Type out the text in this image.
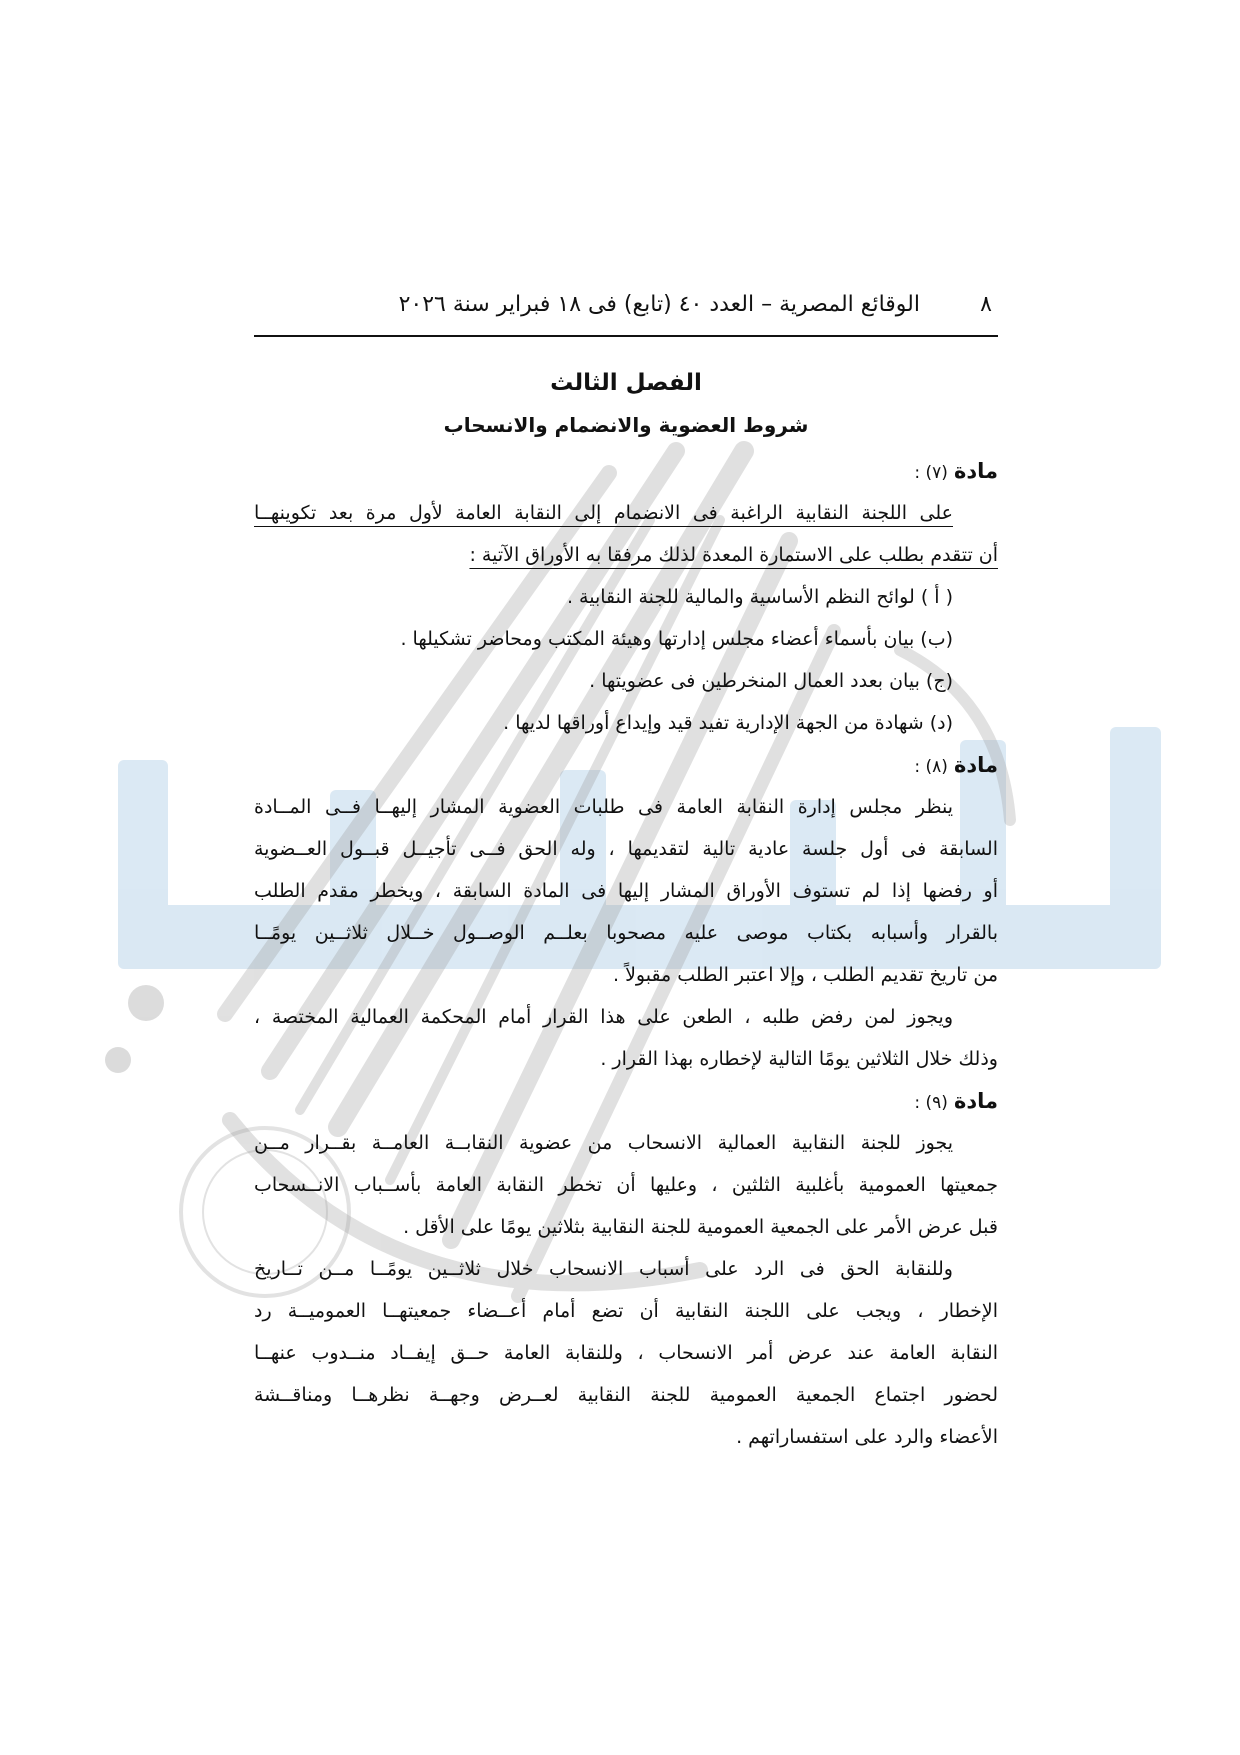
٨
الوقائع المصرية – العدد ٤٠ (تابع) فى ١٨ فبراير سنة ٢٠٢٦
الفصل الثالث
شروط العضوية والانضمام والانسحاب
مادة (٧) :
على اللجنة النقابية الراغبة فى الانضمام إلى النقابة العامة لأول مرة بعد تكوينهــا
أن تتقدم بطلب على الاستمارة المعدة لذلك مرفقا به الأوراق الآتية :
( أ ) لوائح النظم الأساسية والمالية للجنة النقابية .
(ب) بيان بأسماء أعضاء مجلس إدارتها وهيئة المكتب ومحاضر تشكيلها .
(ج) بيان بعدد العمال المنخرطين فى عضويتها .
(د) شهادة من الجهة الإدارية تفيد قيد وإيداع أوراقها لديها .
مادة (٨) :
ينظر مجلس إدارة النقابة العامة فى طلبات العضوية المشار إليهــا فــى المــادة
السابقة فى أول جلسة عادية تالية لتقديمها ، وله الحق فــى تأجيــل قبــول العــضوية
أو رفضها إذا لم تستوف الأوراق المشار إليها فى المادة السابقة ، ويخطر مقدم الطلب
بالقرار وأسبابه بكتاب موصى عليه مصحوبا بعلــم الوصــول خــلال ثلاثــين يومًــا
من تاريخ تقديم الطلب ، وإلا اعتبر الطلب مقبولاً .
ويجوز لمن رفض طلبه ، الطعن على هذا القرار أمام المحكمة العمالية المختصة ،
وذلك خلال الثلاثين يومًا التالية لإخطاره بهذا القرار .
مادة (٩) :
يجوز للجنة النقابية العمالية الانسحاب من عضوية النقابــة العامــة بقــرار مــن
جمعيتها العمومية بأغلبية الثلثين ، وعليها أن تخطر النقابة العامة بأســباب الانــسحاب
قبل عرض الأمر على الجمعية العمومية للجنة النقابية بثلاثين يومًا على الأقل .
وللنقابة الحق فى الرد على أسباب الانسحاب خلال ثلاثــين يومًــا مــن تــاريخ
الإخطار ، ويجب على اللجنة النقابية أن تضع أمام أعــضاء جمعيتهــا العموميــة رد
النقابة العامة عند عرض أمر الانسحاب ، وللنقابة العامة حــق إيفــاد منــدوب عنهــا
لحضور اجتماع الجمعية العمومية للجنة النقابية لعــرض وجهــة نظرهــا ومناقــشة
الأعضاء والرد على استفساراتهم .
